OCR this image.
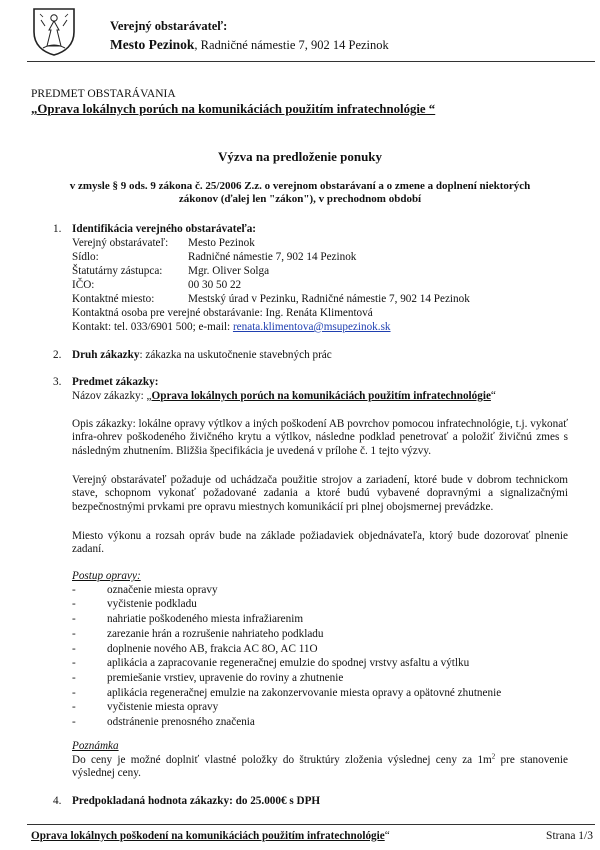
Verejný obstarávateľ:
Mesto Pezinok, Radničné námestie 7, 902 14 Pezinok
PREDMET OBSTARÁVANIA
„Oprava lokálnych porúch na komunikáciách použitím infratechnológie “
Výzva na predloženie ponuky
v zmysle § 9 ods. 9 zákona č. 25/2006 Z.z. o verejnom obstarávaní a o zmene a doplnení niektorých
zákonov (ďalej len "zákon"), v prechodnom období
1. Identifikácia verejného obstarávateľa:
Verejný obstarávateľ: Mesto Pezinok
Sídlo:	Radničné námestie 7, 902 14 Pezinok
Štatutárny zástupca: Mgr. Oliver Solga
IČO:	00 30 50 22
Kontaktné miesto:	Mestský úrad v Pezinku, Radničné námestie 7, 902 14 Pezinok
Kontaktná osoba pre verejné obstarávanie: Ing. Renáta Klimentová
Kontakt: tel. 033/6901 500; e-mail: renata.klimentova@msupezinok.sk
2. Druh zákazky: zákazka na uskutočnenie stavebných prác
3. Predmet zákazky:
Názov zákazky: „Oprava lokálnych porúch na komunikáciách použitím infratechnológie“
Opis zákazky: lokálne opravy výtlkov a iných poškodení AB povrchov pomocou infratechnológie, t.j. vykonať infra-ohrev poškodeného živičného krytu a výtlkov, následne podklad penetrovať a položiť živičnú zmes s následným zhutnením. Bližšia špecifikácia je uvedená v prílohe č. 1 tejto výzvy.
Verejný obstarávateľ požaduje od uchádzača použitie strojov a zariadení, ktoré bude v dobrom technickom stave, schopnom vykonať požadované zadania a ktoré budú vybavené dopravnými a signalizačnými bezpečnostnými prvkami pre opravu miestnych komunikácií pri plnej obojsmernej prevádzke.
Miesto výkonu a rozsah opráv bude na základe požiadaviek objednávateľa, ktorý bude dozorovať plnenie zadaní.
Postup opravy:
-	označenie miesta opravy
-	vyčistenie podkladu
-	nahriatie poškodeného miesta infražiarenim
-	zarezanie hrán a rozrušenie nahriateho podkladu
-	doplnenie nového AB, frakcia AC 8O, AC 11O
-	aplikácia a zapracovanie regeneračnej emulzie do spodnej vrstvy asfaltu a výtlku
-	premiešanie vrstiev, upravenie do roviny a zhutnenie
-	aplikácia regeneračnej emulzie na zakonzervovanie miesta opravy a opätovné zhutnenie
-	vyčistenie miesta opravy
-	odstránenie prenosného značenia
Poznámka
Do ceny je možné doplniť vlastné položky do štruktúry zloženia výslednej ceny za $1m^2$ pre stanovenie výslednej ceny.
4. Predpokladaná hodnota zákazky: do 25.000€ s DPH
Oprava lokálnych poškodení na komunikáciách použitím infratechnológie“	Strana 1/3
